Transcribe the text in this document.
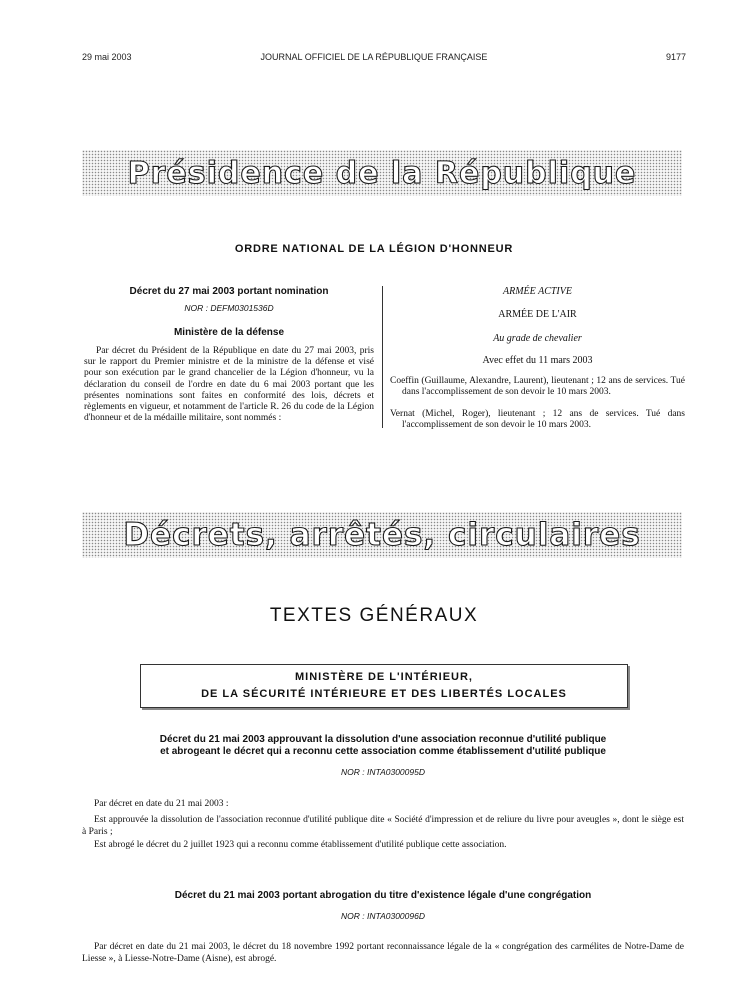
29 mai 2003	JOURNAL OFFICIEL DE LA RÉPUBLIQUE FRANÇAISE	9177
Présidence de la République
ORDRE NATIONAL DE LA LÉGION D'HONNEUR
Décret du 27 mai 2003 portant nomination
NOR : DEFM0301536D
Ministère de la défense
Par décret du Président de la République en date du 27 mai 2003, pris sur le rapport du Premier ministre et de la ministre de la défense et visé pour son exécution par le grand chancelier de la Légion d'honneur, vu la déclaration du conseil de l'ordre en date du 6 mai 2003 portant que les présentes nominations sont faites en conformité des lois, décrets et règlements en vigueur, et notamment de l'article R. 26 du code de la Légion d'honneur et de la médaille militaire, sont nommés :
ARMÉE ACTIVE
ARMÉE DE L'AIR
Au grade de chevalier
Avec effet du 11 mars 2003
Coeffin (Guillaume, Alexandre, Laurent), lieutenant ; 12 ans de services. Tué dans l'accomplissement de son devoir le 10 mars 2003.
Vernat (Michel, Roger), lieutenant ; 12 ans de services. Tué dans l'accomplissement de son devoir le 10 mars 2003.
Décrets, arrêtés, circulaires
TEXTES GÉNÉRAUX
MINISTÈRE DE L'INTÉRIEUR,
DE LA SÉCURITÉ INTÉRIEURE ET DES LIBERTÉS LOCALES
Décret du 21 mai 2003 approuvant la dissolution d'une association reconnue d'utilité publique
et abrogeant le décret qui a reconnu cette association comme établissement d'utilité publique
NOR : INTA0300095D
Par décret en date du 21 mai 2003 :
Est approuvée la dissolution de l'association reconnue d'utilité publique dite « Société d'impression et de reliure du livre pour aveugles », dont le siège est à Paris ;
Est abrogé le décret du 2 juillet 1923 qui a reconnu comme établissement d'utilité publique cette association.
Décret du 21 mai 2003 portant abrogation du titre d'existence légale d'une congrégation
NOR : INTA0300096D
Par décret en date du 21 mai 2003, le décret du 18 novembre 1992 portant reconnaissance légale de la « congrégation des carmélites de Notre-Dame de Liesse », à Liesse-Notre-Dame (Aisne), est abrogé.
